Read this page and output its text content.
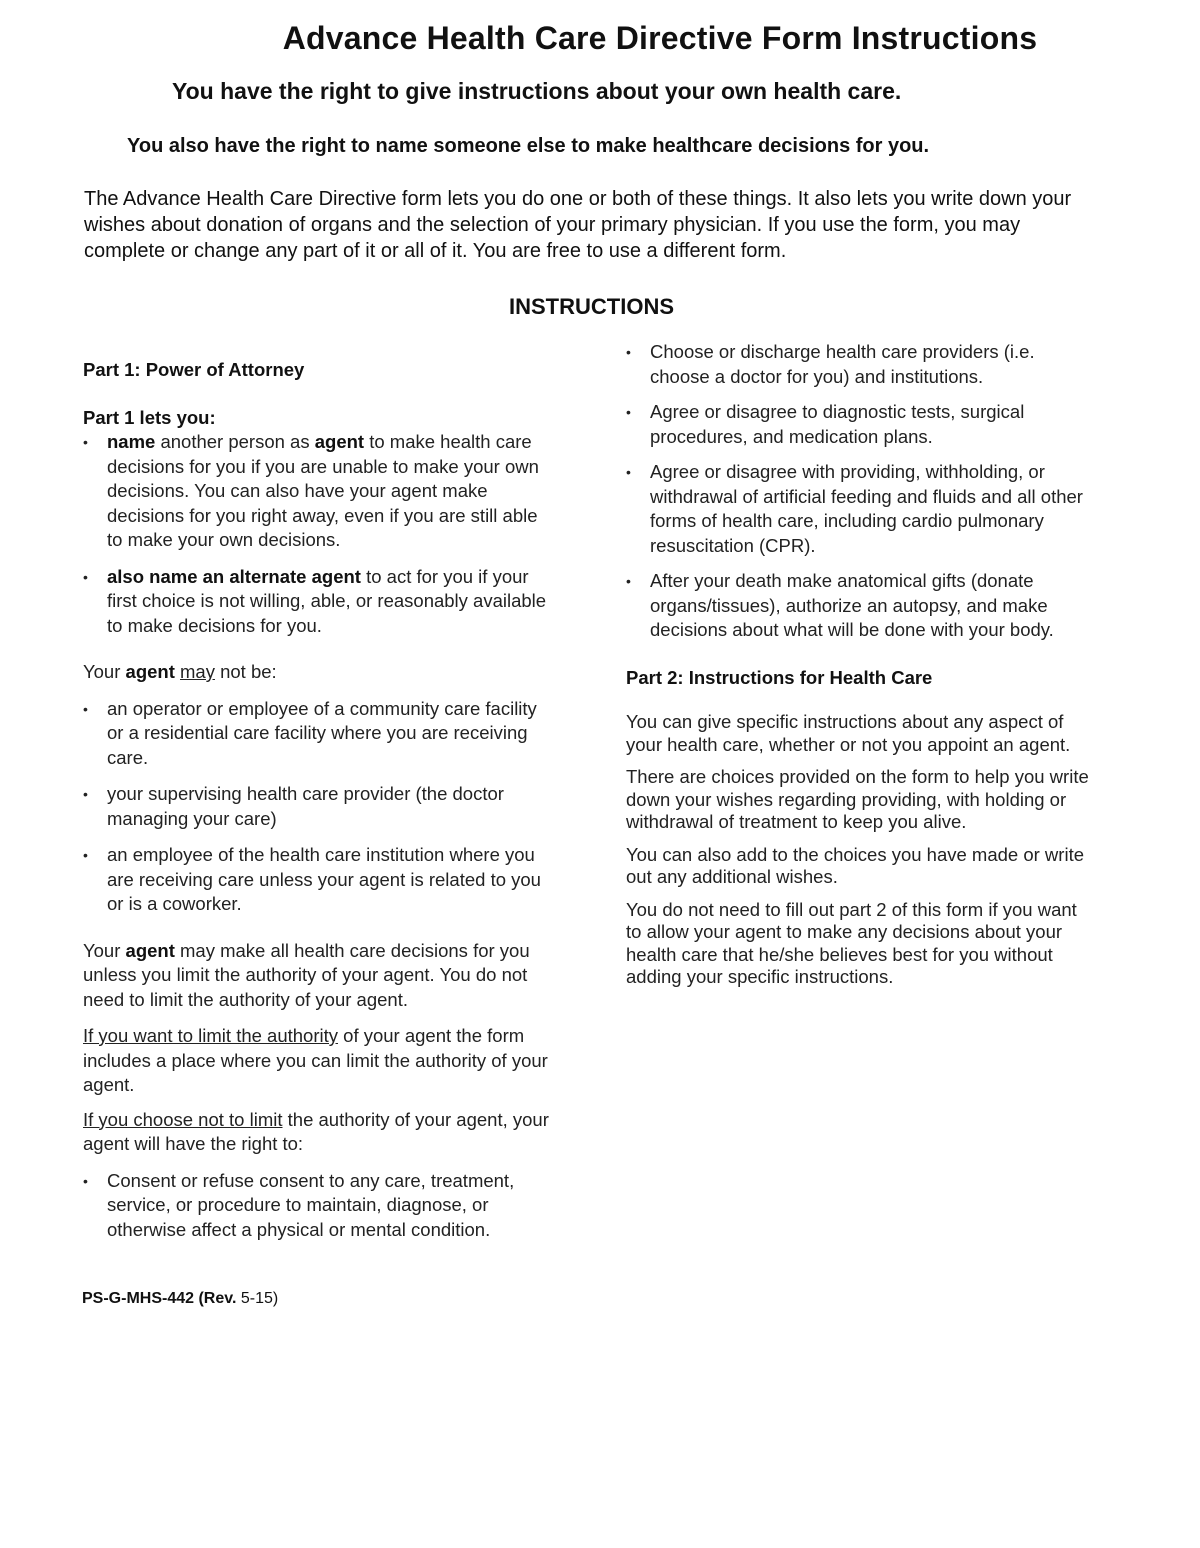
Advance Health Care Directive Form Instructions
You have the right to give instructions about your own health care.
You also have the right to name someone else to make healthcare decisions for you.
The Advance Health Care Directive form lets you do one or both of these things. It also lets you write down your wishes about donation of organs and the selection of your primary physician. If you use the form, you may complete or change any part of it or all of it. You are free to use a different form.
INSTRUCTIONS

Part 1: Power of Attorney

Part 1 lets you:

•	name another person as agent to make health care decisions for you if you are unable to make your own decisions. You can also have your agent make decisions for you right away, even if you are still able to make your own decisions.
•	also name an alternate agent to act for you if your first choice is not willing, able, or reasonably available to make decisions for you.

Your agent may not be:

•	an operator or employee of a community care facility or a residential care facility where you are receiving care.
•	your supervising health care provider (the doctor managing your care)
•	an employee of the health care institution where you are receiving care unless your agent is related to you or is a coworker.

Your agent may make all health care decisions for you unless you limit the authority of your agent. You do not need to limit the authority of your agent.

If you want to limit the authority of your agent the form includes a place where you can limit the authority of your agent.

If you choose not to limit the authority of your agent, your agent will have the right to:

•	Consent or refuse consent to any care, treatment, service, or procedure to maintain, diagnose, or otherwise affect a physical or mental condition.
•	Choose or discharge health care providers (i.e. choose a doctor for you) and institutions.
•	Agree or disagree to diagnostic tests, surgical procedures, and medication plans.
•	Agree or disagree with providing, withholding, or withdrawal of artificial feeding and fluids and all other forms of health care, including cardio pulmonary resuscitation (CPR).
•	After your death make anatomical gifts (donate organs/tissues), authorize an autopsy, and make decisions about what will be done with your body.

Part 2: Instructions for Health Care

You can give specific instructions about any aspect of your health care, whether or not you appoint an agent.

There are choices provided on the form to help you write down your wishes regarding providing, with holding or withdrawal of treatment to keep you alive.

You can also add to the choices you have made or write out any additional wishes.

You do not need to fill out part 2 of this form if you want to allow your agent to make any decisions about your health care that he/she believes best for you without adding your specific instructions.

PS-G-MHS-442 (Rev. 5-15)
